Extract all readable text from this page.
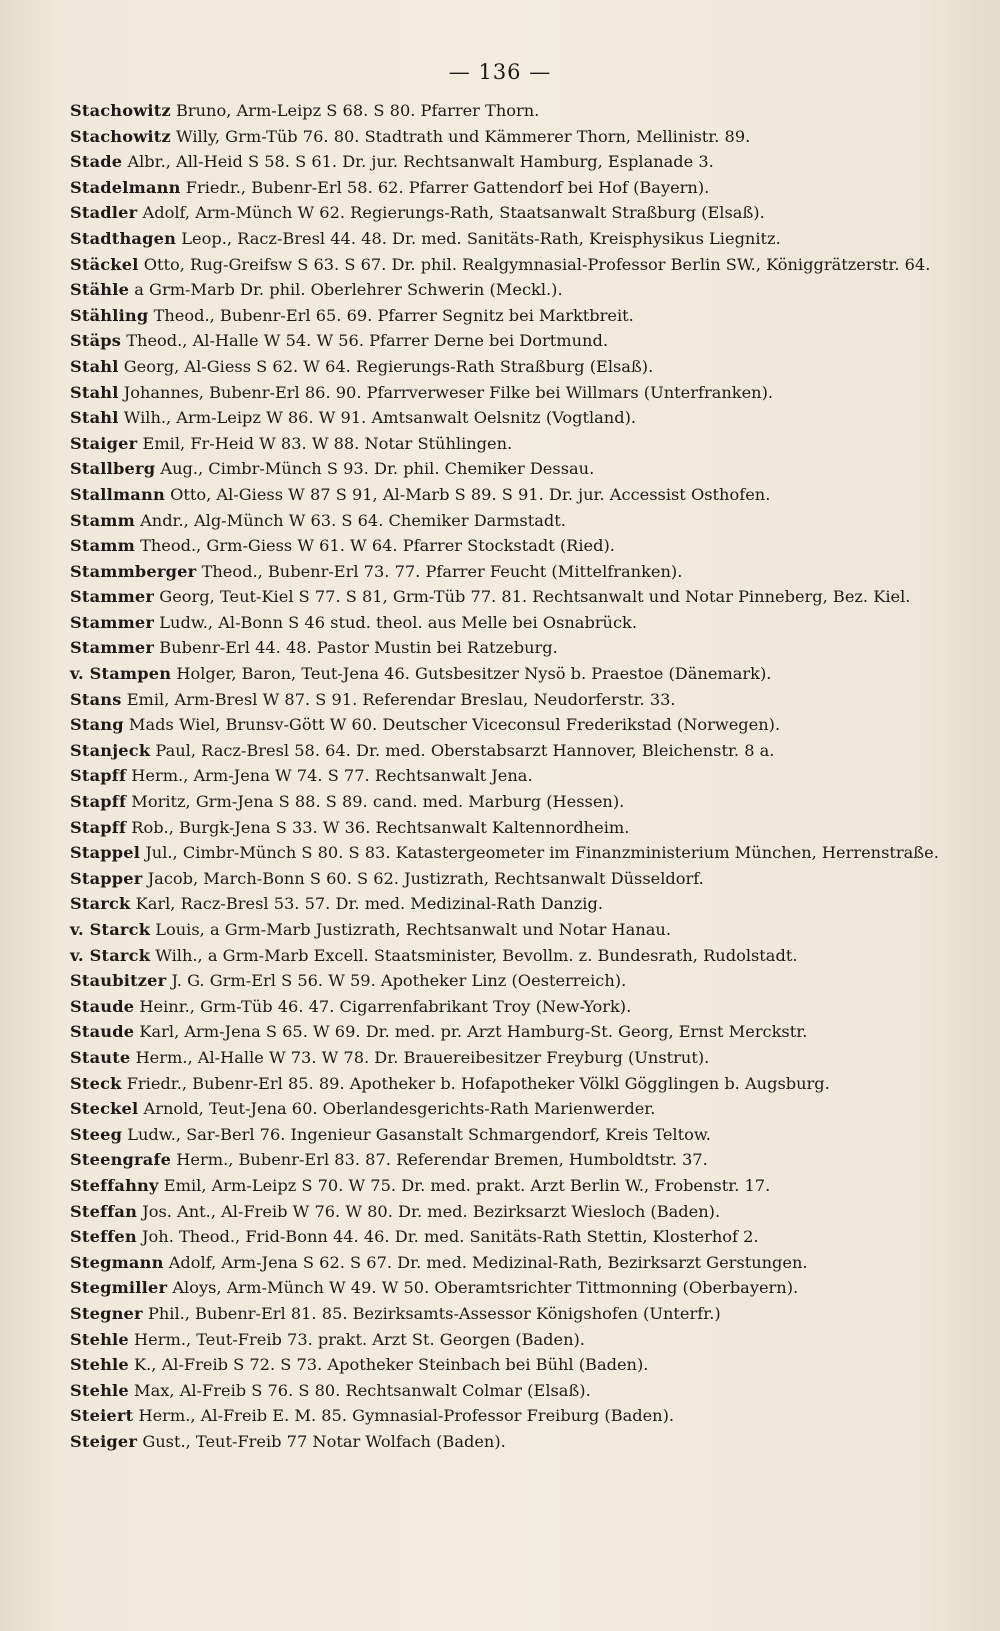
— 136 —
Stachowitz Bruno, Arm-Leipz S 68. S 80. Pfarrer Thorn.
Stachowitz Willy, Grm-Tüb 76. 80. Stadtrath und Kämmerer Thorn, Mellinistr. 89.
Stade Albr., All-Heid S 58. S 61. Dr. jur. Rechtsanwalt Hamburg, Esplanade 3.
Stadelmann Friedr., Bubenr-Erl 58. 62. Pfarrer Gattendorf bei Hof (Bayern).
Stadler Adolf, Arm-Münch W 62. Regierungs-Rath, Staatsanwalt Straßburg (Elsaß).
Stadthagen Leop., Racz-Bresl 44. 48. Dr. med. Sanitäts-Rath, Kreisphysikus Liegnitz.
Stäckel Otto, Rug-Greifsw S 63. S 67. Dr. phil. Realgymnasial-Professor Berlin SW., Königgrätzerstr. 64.
Stähle a Grm-Marb Dr. phil. Oberlehrer Schwerin (Meckl.).
Stähling Theod., Bubenr-Erl 65. 69. Pfarrer Segnitz bei Marktbreit.
Stäps Theod., Al-Halle W 54. W 56. Pfarrer Derne bei Dortmund.
Stahl Georg, Al-Giess S 62. W 64. Regierungs-Rath Straßburg (Elsaß).
Stahl Johannes, Bubenr-Erl 86. 90. Pfarrverweser Filke bei Willmars (Unterfranken).
Stahl Wilh., Arm-Leipz W 86. W 91. Amtsanwalt Oelsnitz (Vogtland).
Staiger Emil, Fr-Heid W 83. W 88. Notar Stühlingen.
Stallberg Aug., Cimbr-Münch S 93. Dr. phil. Chemiker Dessau.
Stallmann Otto, Al-Giess W 87 S 91, Al-Marb S 89. S 91. Dr. jur. Accessist Osthofen.
Stamm Andr., Alg-Münch W 63. S 64. Chemiker Darmstadt.
Stamm Theod., Grm-Giess W 61. W 64. Pfarrer Stockstadt (Ried).
Stammberger Theod., Bubenr-Erl 73. 77. Pfarrer Feucht (Mittelfranken).
Stammer Georg, Teut-Kiel S 77. S 81, Grm-Tüb 77. 81. Rechtsanwalt und Notar Pinneberg, Bez. Kiel.
Stammer Ludw., Al-Bonn S 46 stud. theol. aus Melle bei Osnabrück.
Stammer Bubenr-Erl 44. 48. Pastor Mustin bei Ratzeburg.
v. Stampen Holger, Baron, Teut-Jena 46. Gutsbesitzer Nysö b. Praestoe (Dänemark).
Stans Emil, Arm-Bresl W 87. S 91. Referendar Breslau, Neudorferstr. 33.
Stang Mads Wiel, Brunsv-Gött W 60. Deutscher Viceconsul Frederikstad (Norwegen).
Stanjeck Paul, Racz-Bresl 58. 64. Dr. med. Oberstabsarzt Hannover, Bleichenstr. 8 a.
Stapff Herm., Arm-Jena W 74. S 77. Rechtsanwalt Jena.
Stapff Moritz, Grm-Jena S 88. S 89. cand. med. Marburg (Hessen).
Stapff Rob., Burgk-Jena S 33. W 36. Rechtsanwalt Kaltennordheim.
Stappel Jul., Cimbr-Münch S 80. S 83. Katastergeometer im Finanzministerium München, Herrenstraße.
Stapper Jacob, March-Bonn S 60. S 62. Justizrath, Rechtsanwalt Düsseldorf.
Starck Karl, Racz-Bresl 53. 57. Dr. med. Medizinal-Rath Danzig.
v. Starck Louis, a Grm-Marb Justizrath, Rechtsanwalt und Notar Hanau.
v. Starck Wilh., a Grm-Marb Excell. Staatsminister, Bevollm. z. Bundesrath, Rudolstadt.
Staubitzer J. G. Grm-Erl S 56. W 59. Apotheker Linz (Oesterreich).
Staude Heinr., Grm-Tüb 46. 47. Cigarrenfabrikant Troy (New-York).
Staude Karl, Arm-Jena S 65. W 69. Dr. med. pr. Arzt Hamburg-St. Georg, Ernst Merckstr.
Staute Herm., Al-Halle W 73. W 78. Dr. Brauereibesitzer Freyburg (Unstrut).
Steck Friedr., Bubenr-Erl 85. 89. Apotheker b. Hofapotheker Völkl Gögglingen b. Augsburg.
Steckel Arnold, Teut-Jena 60. Oberlandesgerichts-Rath Marienwerder.
Steeg Ludw., Sar-Berl 76. Ingenieur Gasanstalt Schmargendorf, Kreis Teltow.
Steengrafe Herm., Bubenr-Erl 83. 87. Referendar Bremen, Humboldtstr. 37.
Steffahny Emil, Arm-Leipz S 70. W 75. Dr. med. prakt. Arzt Berlin W., Frobenstr. 17.
Steffan Jos. Ant., Al-Freib W 76. W 80. Dr. med. Bezirksarzt Wiesloch (Baden).
Steffen Joh. Theod., Frid-Bonn 44. 46. Dr. med. Sanitäts-Rath Stettin, Klosterhof 2.
Stegmann Adolf, Arm-Jena S 62. S 67. Dr. med. Medizinal-Rath, Bezirksarzt Gerstungen.
Stegmiller Aloys, Arm-Münch W 49. W 50. Oberamtsrichter Tittmonning (Oberbayern).
Stegner Phil., Bubenr-Erl 81. 85. Bezirksamts-Assessor Königshofen (Unterfr.)
Stehle Herm., Teut-Freib 73. prakt. Arzt St. Georgen (Baden).
Stehle K., Al-Freib S 72. S 73. Apotheker Steinbach bei Bühl (Baden).
Stehle Max, Al-Freib S 76. S 80. Rechtsanwalt Colmar (Elsaß).
Steiert Herm., Al-Freib E. M. 85. Gymnasial-Professor Freiburg (Baden).
Steiger Gust., Teut-Freib 77 Notar Wolfach (Baden).
